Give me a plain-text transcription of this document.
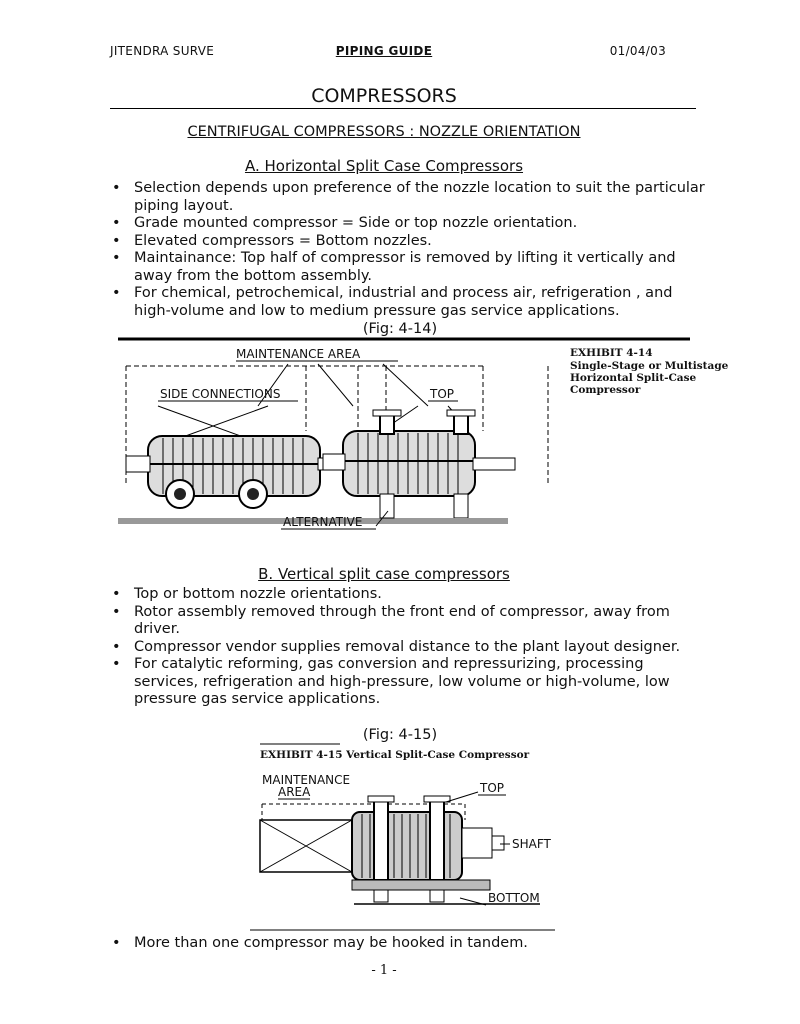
JITENDRA SURVE	PIPING GUIDE	01/04/03
COMPRESSORS
CENTRIFUGAL COMPRESSORS : NOZZLE ORIENTATION
A. Horizontal Split Case Compressors
• Selection depends upon preference of the nozzle location to suit the particular piping layout.
• Grade mounted compressor = Side or top nozzle orientation.
• Elevated compressors = Bottom nozzles.
• Maintainance: Top half of compressor is removed by lifting it vertically and away from the bottom assembly.
• For chemical, petrochemical, industrial and process air, refrigeration , and high-volume and low to medium pressure gas service applications.
(Fig: 4-14)
MAINTENANCE AREA
SIDE CONNECTIONS	TOP
ALTERNATIVE
EXHIBIT 4-14
Single-Stage or Multistage
Horizontal Split-Case
Compressor
B. Vertical split case compressors
• Top or bottom nozzle orientations.
• Rotor assembly removed through the front end of compressor, away from driver.
• Compressor vendor supplies removal distance to the plant layout designer.
• For catalytic reforming, gas conversion and repressurizing, processing services, refrigeration and high-pressure, low volume or high-volume, low pressure gas service applications.
(Fig: 4-15)
EXHIBIT 4-15 Vertical Split-Case Compressor
MAINTENANCE
AREA	TOP
SHAFT
BOTTOM
• More than one compressor may be hooked in tandem.
- 1 -
